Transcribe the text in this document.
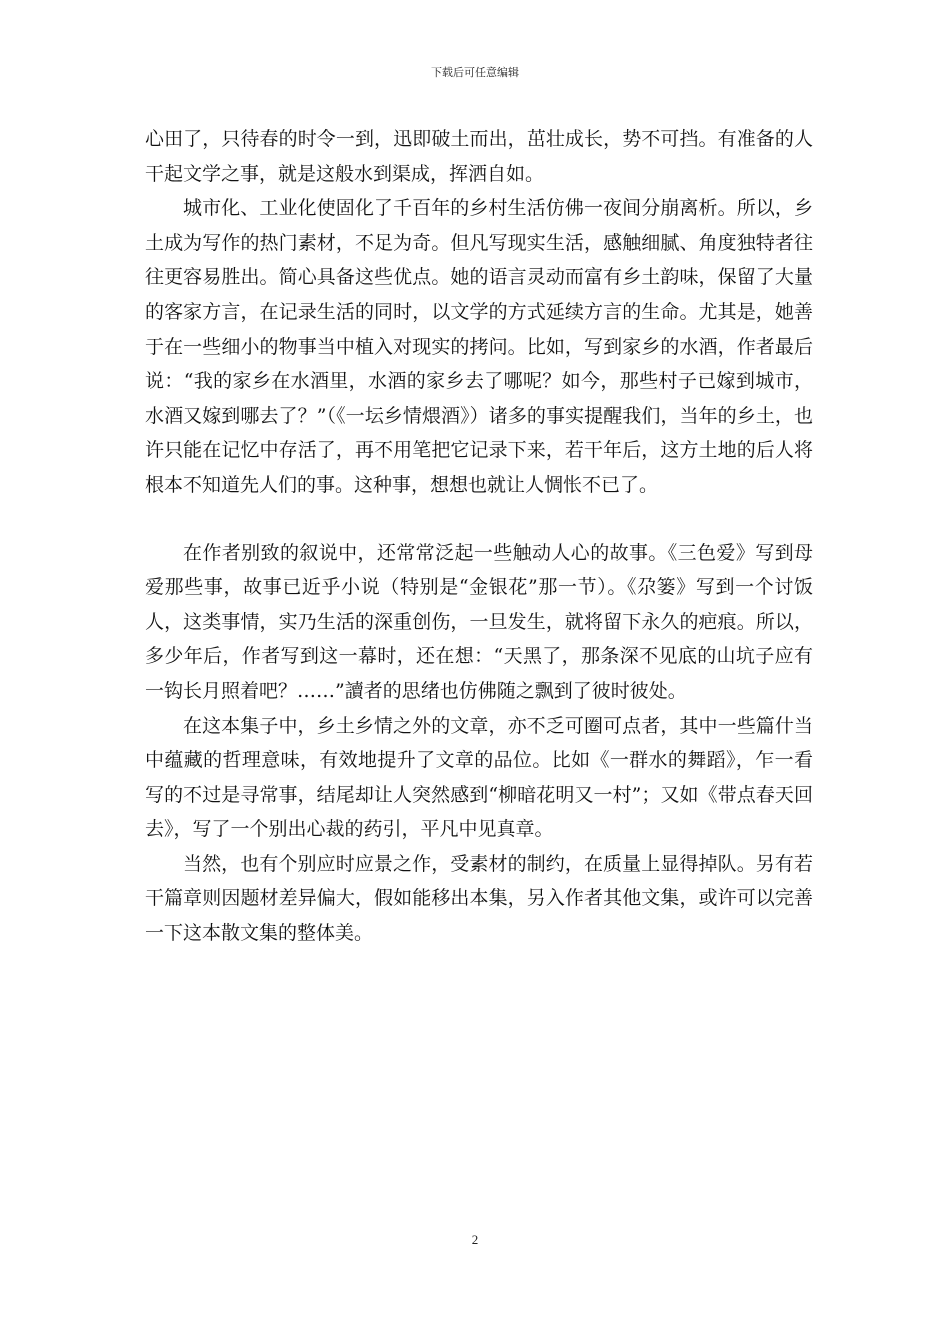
下载后可任意编辑

心田了，只待春的时令一到，迅即破土而出，茁壮成长，势不可挡。有准备的人干起文学之事，就是这般水到渠成，挥洒自如。

城市化、工业化使固化了千百年的乡村生活仿佛一夜间分崩离析。所以，乡土成为写作的热门素材，不足为奇。但凡写现实生活，感触细腻、角度独特者往往更容易胜出。简心具备这些优点。她的语言灵动而富有乡土韵味，保留了大量的客家方言，在记录生活的同时，以文学的方式延续方言的生命。尤其是，她善于在一些细小的物事当中植入对现实的拷问。比如，写到家乡的水酒，作者最后说：“我的家乡在水酒里，水酒的家乡去了哪呢？如今，那些村子已嫁到城市，水酒又嫁到哪去了？”（《一坛乡情煨酒》）诸多的事实提醒我们，当年的乡土，也许只能在记忆中存活了，再不用笔把它记录下来，若干年后，这方土地的后人将根本不知道先人们的事。这种事，想想也就让人惆怅不已了。

在作者别致的叙说中，还常常泛起一些触动人心的故事。《三色爱》写到母爱那些事，故事已近乎小说（特别是“金银花”那一节）。《尕篓》写到一个讨饭人，这类事情，实乃生活的深重创伤，一旦发生，就将留下永久的疤痕。所以，多少年后，作者写到这一幕时，还在想：“天黑了，那条深不见底的山坑子应有一钩长月照着吧？……”讀者的思绪也仿佛随之飘到了彼时彼处。

在这本集子中，乡土乡情之外的文章，亦不乏可圈可点者，其中一些篇什当中蕴藏的哲理意味，有效地提升了文章的品位。比如《一群水的舞蹈》，乍一看写的不过是寻常事，结尾却让人突然感到“柳暗花明又一村”；又如《带点春天回去》，写了一个别出心裁的药引，平凡中见真章。

当然，也有个别应时应景之作，受素材的制约，在质量上显得掉队。另有若干篇章则因题材差异偏大，假如能移出本集，另入作者其他文集，或许可以完善一下这本散文集的整体美。

2
